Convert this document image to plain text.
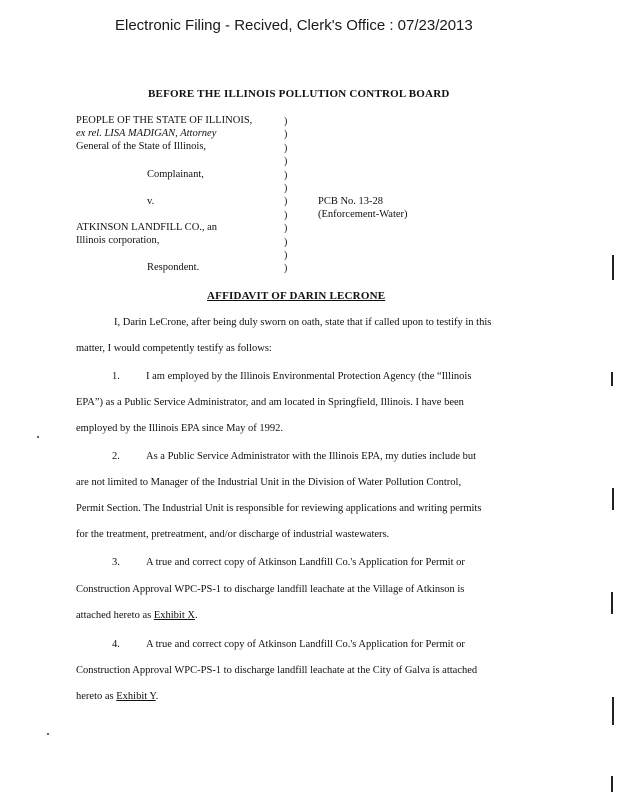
Electronic Filing - Recived, Clerk's Office : 07/23/2013
BEFORE THE ILLINOIS POLLUTION CONTROL BOARD
PEOPLE OF THE STATE OF ILLINOIS,
ex rel. LISA MADIGAN, Attorney
General of the State of Illinois,
Complainant,
v.
ATKINSON LANDFILL CO., an
Illinois corporation,
Respondent.
)
)
)
)
)
)
)
)
)
)
)
)
PCB No. 13-28
(Enforcement-Water)
AFFIDAVIT OF DARIN LECRONE
I, Darin LeCrone, after being duly sworn on oath, state that if called upon to testify in this
matter, I would competently testify as follows:
1. I am employed by the Illinois Environmental Protection Agency (the “Illinois
EPA”) as a Public Service Administrator, and am located in Springfield, Illinois. I have been
employed by the Illinois EPA since May of 1992.
2. As a Public Service Administrator with the Illinois EPA, my duties include but
are not limited to Manager of the Industrial Unit in the Division of Water Pollution Control,
Permit Section. The Industrial Unit is responsible for reviewing applications and writing permits
for the treatment, pretreatment, and/or discharge of industrial wastewaters.
3. A true and correct copy of Atkinson Landfill Co.'s Application for Permit or
Construction Approval WPC-PS-1 to discharge landfill leachate at the Village of Atkinson is
attached hereto as Exhibit X.
4. A true and correct copy of Atkinson Landfill Co.'s Application for Permit or
Construction Approval WPC-PS-1 to discharge landfill leachate at the City of Galva is attached
hereto as Exhibit Y.
